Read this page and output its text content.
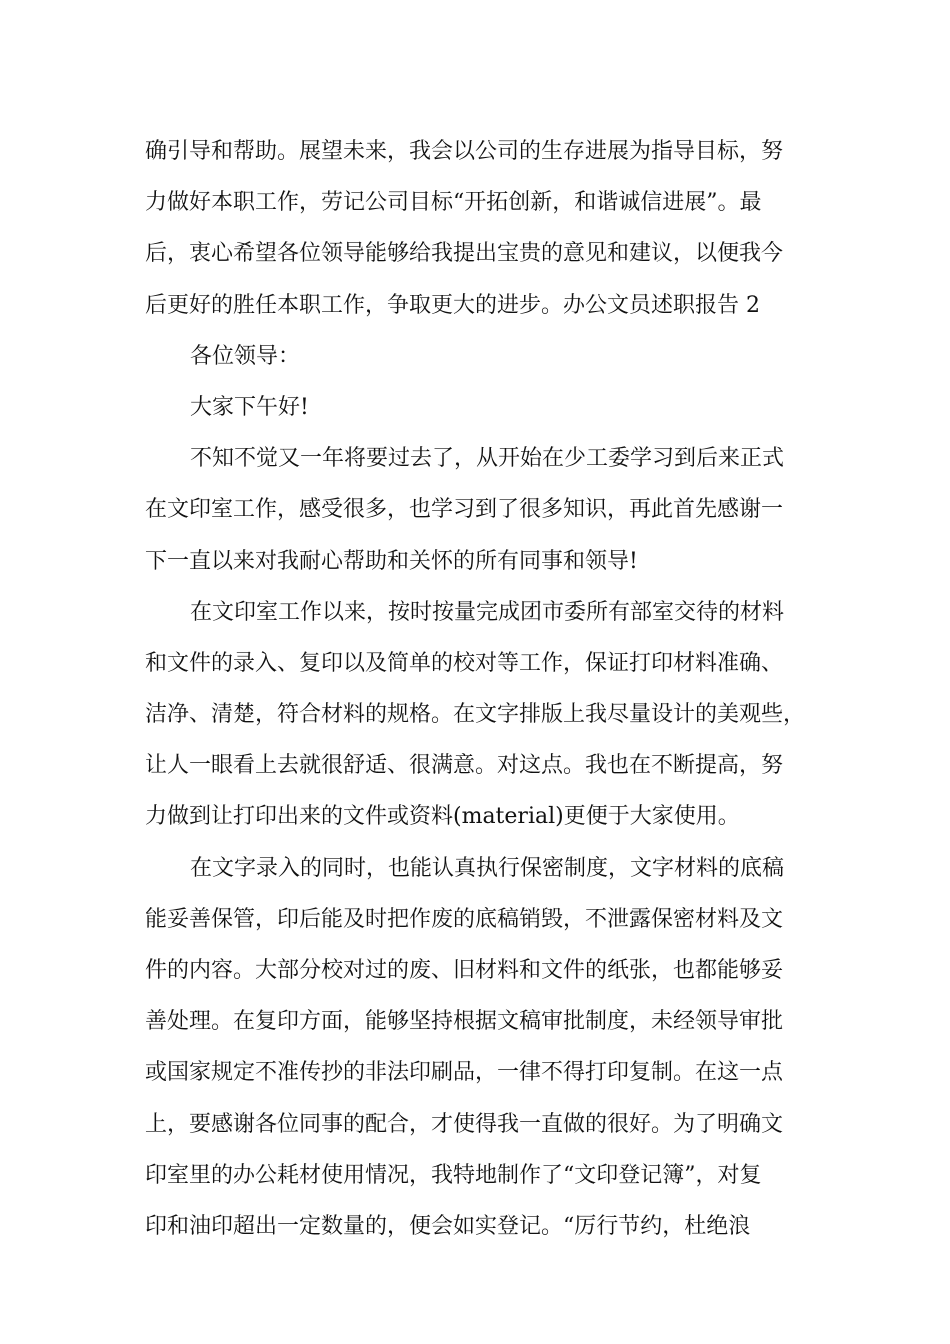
确引导和帮助。展望未来，我会以公司的生存进展为指导目标，努
力做好本职工作，劳记公司目标“开拓创新，和谐诚信进展”。最
后，衷心希望各位领导能够给我提出宝贵的意见和建议，以便我今
后更好的胜任本职工作，争取更大的进步。办公文员述职报告 2
各位领导：
大家下午好!
不知不觉又一年将要过去了，从开始在少工委学习到后来正式
在文印室工作，感受很多，也学习到了很多知识，再此首先感谢一
下一直以来对我耐心帮助和关怀的所有同事和领导!
在文印室工作以来，按时按量完成团市委所有部室交待的材料
和文件的录入、复印以及简单的校对等工作，保证打印材料准确、
洁净、清楚，符合材料的规格。在文字排版上我尽量设计的美观些，
让人一眼看上去就很舒适、很满意。对这点。我也在不断提高，努
力做到让打印出来的文件或资料(material)更便于大家使用。
在文字录入的同时，也能认真执行保密制度，文字材料的底稿
能妥善保管，印后能及时把作废的底稿销毁，不泄露保密材料及文
件的内容。大部分校对过的废、旧材料和文件的纸张，也都能够妥
善处理。在复印方面，能够坚持根据文稿审批制度，未经领导审批
或国家规定不准传抄的非法印刷品，一律不得打印复制。在这一点
上，要感谢各位同事的配合，才使得我一直做的很好。为了明确文
印室里的办公耗材使用情况，我特地制作了“文印登记簿”，对复
印和油印超出一定数量的，便会如实登记。“厉行节约，杜绝浪
